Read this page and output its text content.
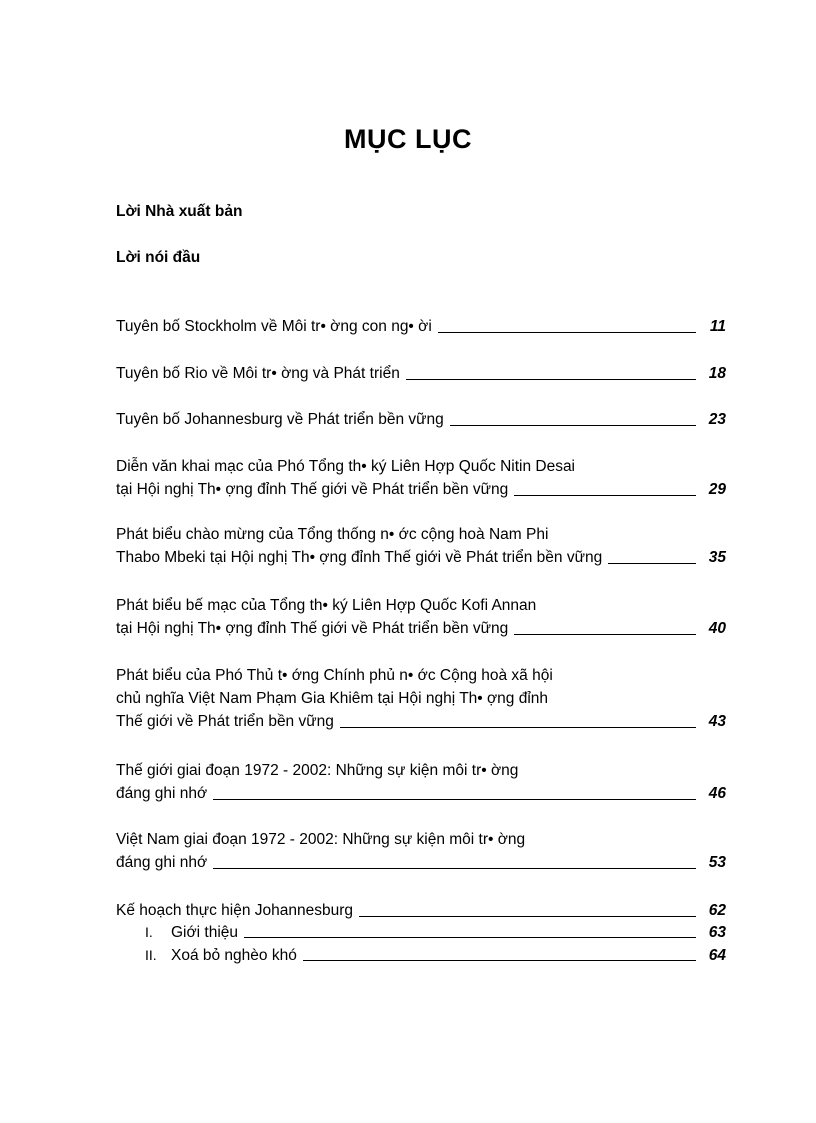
MỤC LỤC
Lời Nhà xuất bản
Lời nói đầu
Tuyên bố Stockholm về Môi tr• ờng con ng• ời	11
Tuyên bố Rio về Môi tr• ờng và Phát triển	18
Tuyên bố Johannesburg về Phát triển bền vững	23
Diễn văn khai mạc của Phó Tổng th• ký Liên Hợp Quốc Nitin Desai
tại Hội nghị Th• ợng đỉnh Thế giới về Phát triển bền vững	29
Phát biểu chào mừng của Tổng thống n• ớc cộng hoà Nam Phi
Thabo Mbeki tại Hội nghị Th• ợng đỉnh Thế giới về Phát triển bền vững	35
Phát biểu bế mạc của Tổng th• ký Liên Hợp Quốc Kofi Annan
tại Hội nghị Th• ợng đỉnh Thế giới về Phát triển bền vững	40
Phát biểu của Phó Thủ t• ớng Chính phủ n• ớc Cộng hoà xã hội
chủ nghĩa Việt Nam Phạm Gia Khiêm tại Hội nghị Th• ợng đỉnh
Thế giới về Phát triển bền vững	43
Thế giới giai đoạn 1972 - 2002: Những sự kiện môi tr• ờng
đáng ghi nhớ	46
Việt Nam giai đoạn 1972 - 2002: Những sự kiện môi tr• ờng
đáng ghi nhớ	53
Kế hoạch thực hiện Johannesburg	62
I.	Giới thiệu	63
II. Xoá bỏ nghèo khó	64
